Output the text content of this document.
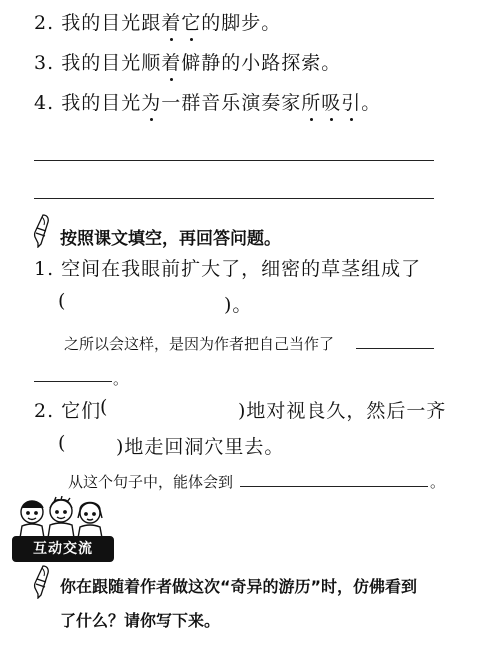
2. 我的目光跟着它的脚步。
3. 我的目光顺着僻静的小路探索。
4. 我的目光为一群音乐演奏家所吸引。
按照课文填空，再回答问题。
1. 空间在我眼前扩大了，细密的草茎组成了
(	)。
之所以会这样，是因为作者把自己当作了
。
2. 它们
(	)地对视良久，然后一齐
(	)地走回洞穴里去。
从这个句子中，能体会到	。
互动交流
你在跟随着作者做这次“奇异的游历”时，仿佛看到
了什么？请你写下来。
